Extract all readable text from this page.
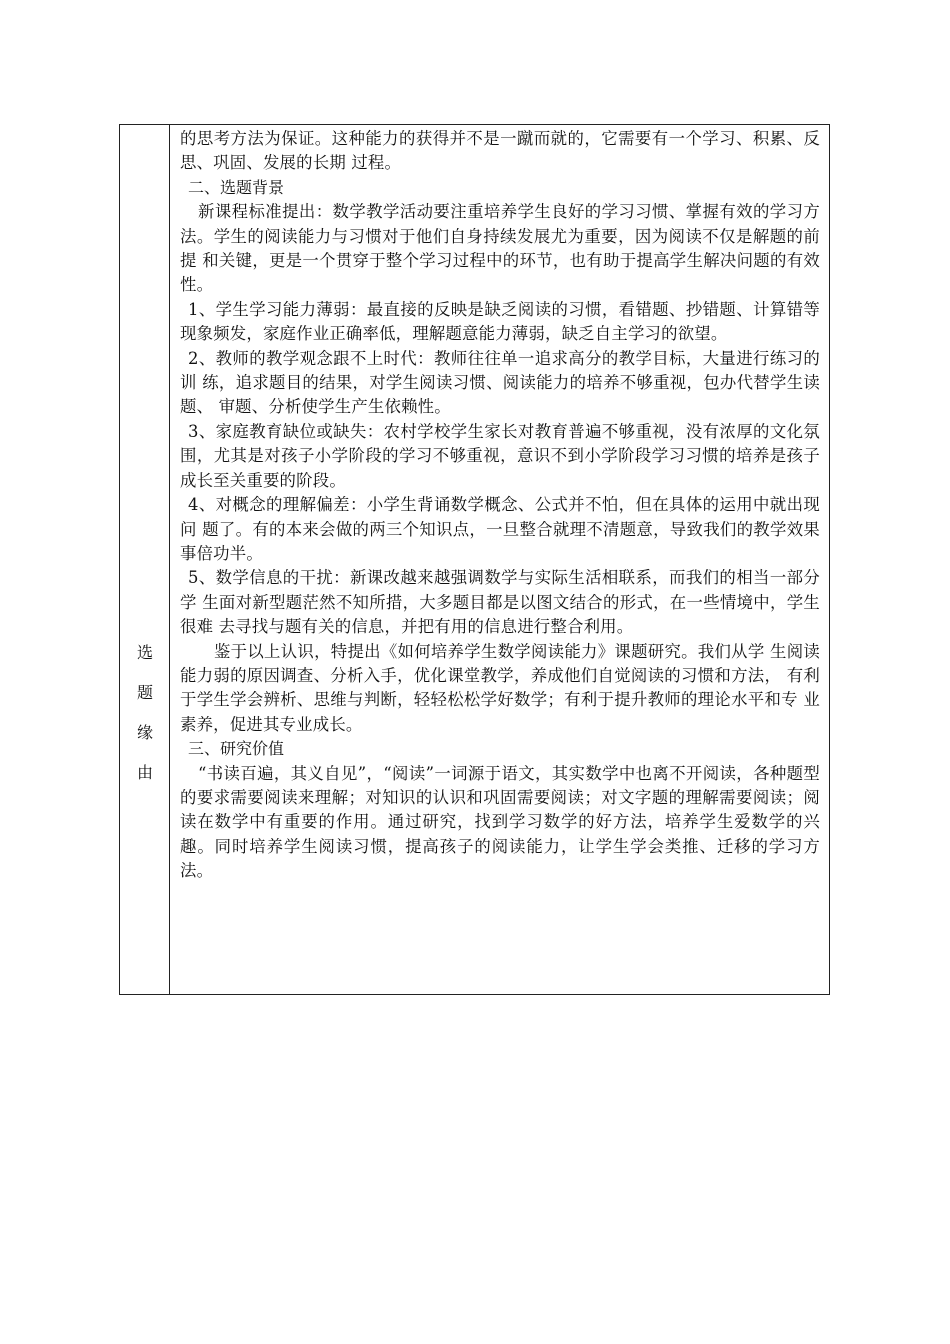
选
题
缘
由

的思考方法为保证。这种能力的获得并不是一蹴而就的，它需要有一个学习、积累、反思、巩固、发展的长期 过程。

二、选题背景

新课程标准提出：数学教学活动要注重培养学生良好的学习习惯、掌握有效的学习方 法。学生的阅读能力与习惯对于他们自身持续发展尤为重要，因为阅读不仅是解题的前提 和关键，更是一个贯穿于整个学习过程中的环节，也有助于提高学生解决问题的有效性。

1、学生学习能力薄弱：最直接的反映是缺乏阅读的习惯，看错题、抄错题、计算错等现象频发，家庭作业正确率低，理解题意能力薄弱，缺乏自主学习的欲望。

2、教师的教学观念跟不上时代：教师往往单一追求高分的教学目标，大量进行练习的训 练，追求题目的结果，对学生阅读习惯、阅读能力的培养不够重视，包办代替学生读题、 审题、分析使学生产生依赖性。

3、家庭教育缺位或缺失：农村学校学生家长对教育普遍不够重视，没有浓厚的文化氛围，尤其是对孩子小学阶段的学习不够重视，意识不到小学阶段学习习惯的培养是孩子成长至关重要的阶段。

4、对概念的理解偏差：小学生背诵数学概念、公式并不怕，但在具体的运用中就出现问 题了。有的本来会做的两三个知识点，一旦整合就理不清题意，导致我们的教学效果事倍功半。

5、数学信息的干扰：新课改越来越强调数学与实际生活相联系，而我们的相当一部分学 生面对新型题茫然不知所措，大多题目都是以图文结合的形式，在一些情境中，学生很难 去寻找与题有关的信息，并把有用的信息进行整合利用。

鉴于以上认识，特提出《如何培养学生数学阅读能力》课题研究。我们从学 生阅读能力弱的原因调查、分析入手，优化课堂教学，养成他们自觉阅读的习惯和方法， 有利于学生学会辨析、思维与判断，轻轻松松学好数学；有利于提升教师的理论水平和专 业素养，促进其专业成长。

三、研究价值

“书读百遍，其义自见”，“阅读”一词源于语文，其实数学中也离不开阅读，各种题型的要求需要阅读来理解；对知识的认识和巩固需要阅读；对文字题的理解需要阅读；阅读在数学中有重要的作用。通过研究，找到学习数学的好方法，培养学生爱数学的兴趣。同时培养学生阅读习惯，提高孩子的阅读能力，让学生学会类推、迁移的学习方法。
